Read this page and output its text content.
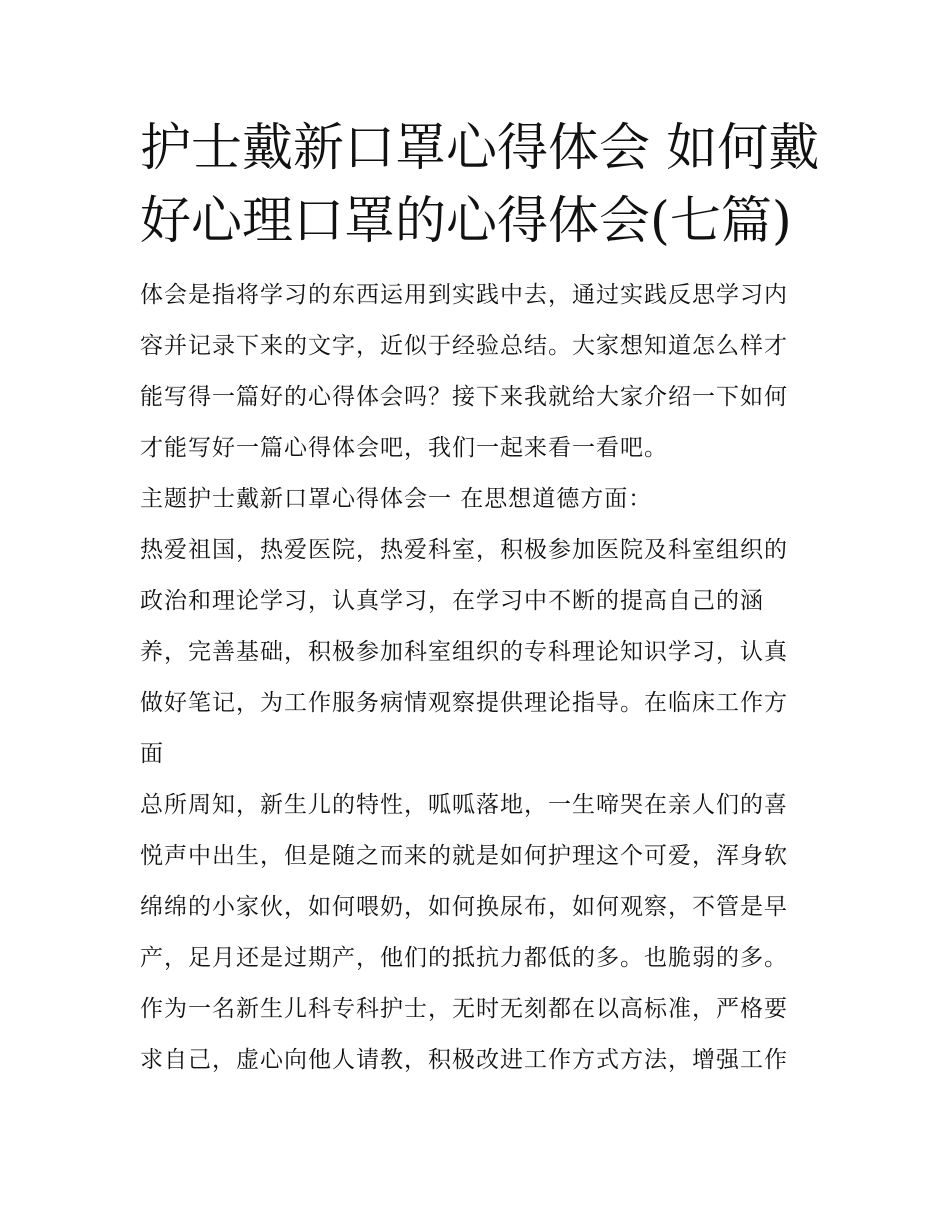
护士戴新口罩心得体会 如何戴
好心理口罩的心得体会(七篇)

体会是指将学习的东西运用到实践中去，通过实践反思学习内
容并记录下来的文字，近似于经验总结。大家想知道怎么样才
能写得一篇好的心得体会吗？接下来我就给大家介绍一下如何
才能写好一篇心得体会吧，我们一起来看一看吧。

主题护士戴新口罩心得体会一 在思想道德方面：

热爱祖国，热爱医院，热爱科室，积极参加医院及科室组织的
政治和理论学习，认真学习，在学习中不断的提高自己的涵
养，完善基础，积极参加科室组织的专科理论知识学习，认真
做好笔记，为工作服务病情观察提供理论指导。在临床工作方
面

总所周知，新生儿的特性，呱呱落地，一生啼哭在亲人们的喜
悦声中出生，但是随之而来的就是如何护理这个可爱，浑身软
绵绵的小家伙，如何喂奶，如何换尿布，如何观察，不管是早
产，足月还是过期产，他们的抵抗力都低的多。也脆弱的多。
作为一名新生儿科专科护士，无时无刻都在以高标准，严格要
求自己，虚心向他人请教，积极改进工作方式方法，增强工作
